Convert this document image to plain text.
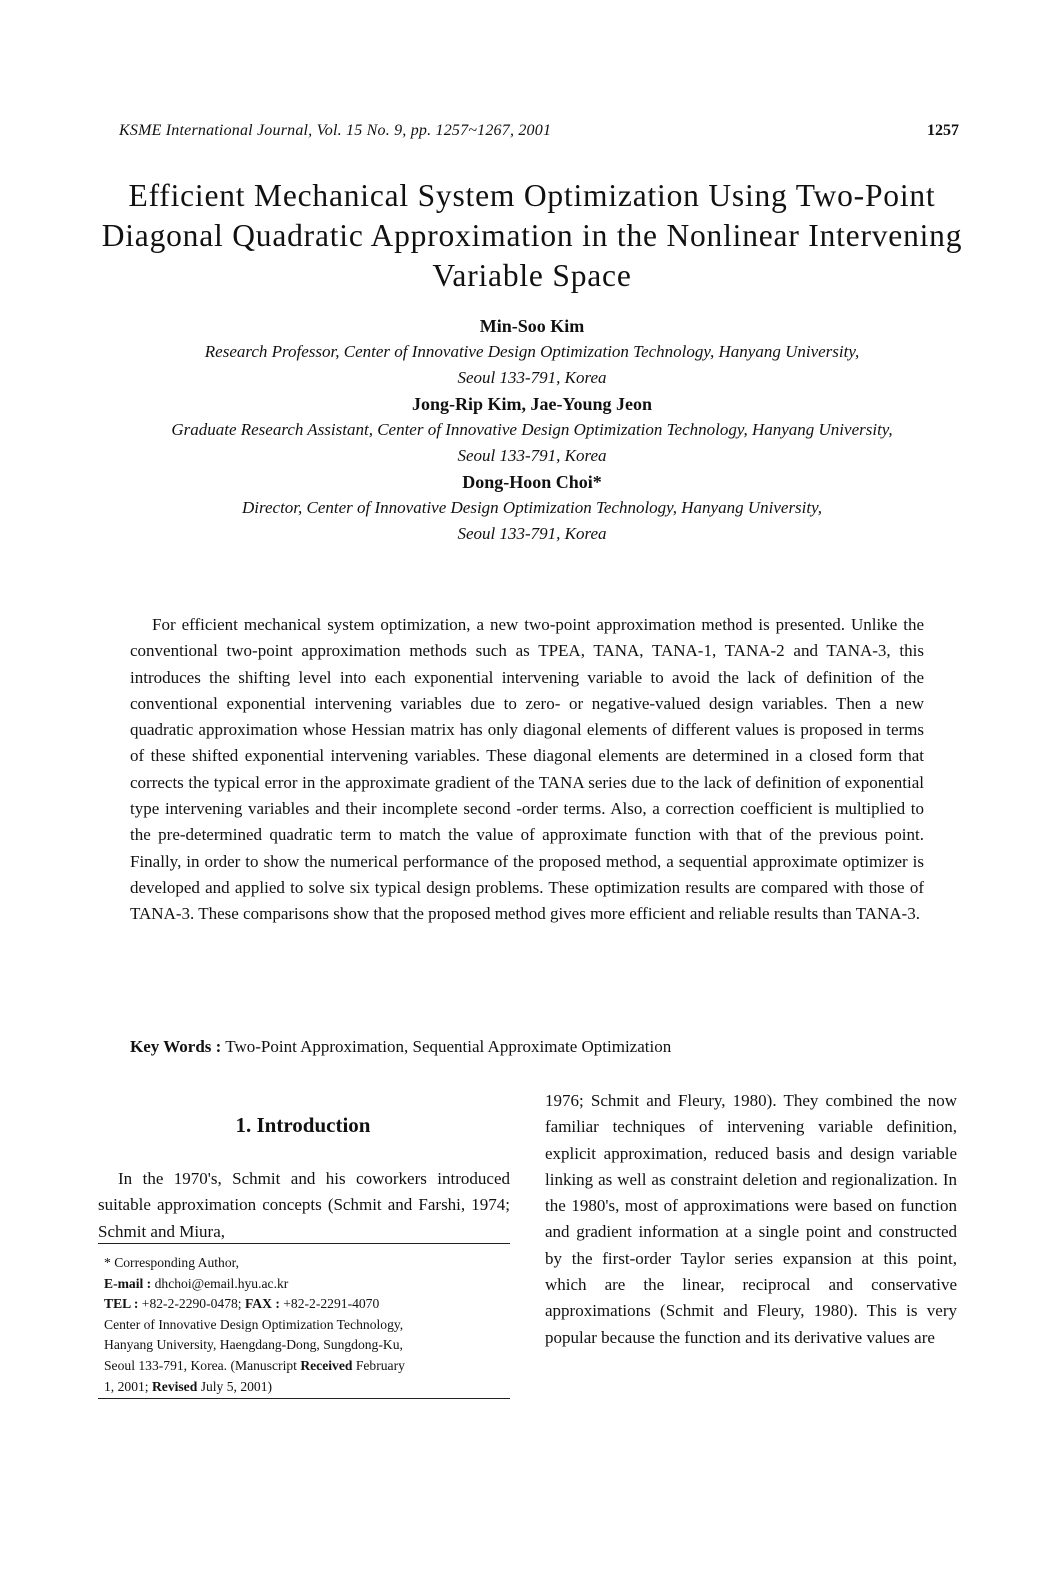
KSME International Journal, Vol. 15 No. 9, pp. 1257~1267, 2001	1257
Efficient Mechanical System Optimization Using Two-Point
Diagonal Quadratic Approximation in the Nonlinear Intervening
Variable Space
Min-Soo Kim
Research Professor, Center of Innovative Design Optimization Technology, Hanyang University,
Seoul 133-791, Korea
Jong-Rip Kim, Jae-Young Jeon
Graduate Research Assistant, Center of Innovative Design Optimization Technology, Hanyang University,
Seoul 133-791, Korea
Dong-Hoon Choi*
Director, Center of Innovative Design Optimization Technology, Hanyang University,
Seoul 133-791, Korea

For efficient mechanical system optimization, a new two-point approximation method is presented. Unlike the conventional two-point approximation methods such as TPEA, TANA, TANA-1, TANA-2 and TANA-3, this introduces the shifting level into each exponential intervening variable to avoid the lack of definition of the conventional exponential intervening variables due to zero- or negative-valued design variables. Then a new quadratic approximation whose Hessian matrix has only diagonal elements of different values is proposed in terms of these shifted exponential intervening variables. These diagonal elements are determined in a closed form that corrects the typical error in the approximate gradient of the TANA series due to the lack of definition of exponential type intervening variables and their incomplete second -order terms. Also, a correction coefficient is multiplied to the pre-determined quadratic term to match the value of approximate function with that of the previous point. Finally, in order to show the numerical performance of the proposed method, a sequential approximate optimizer is developed and applied to solve six typical design problems. These optimization results are compared with those of TANA-3. These comparisons show that the proposed method gives more efficient and reliable results than TANA-3.

Key Words : Two-Point Approximation, Sequential Approximate Optimization
1. Introduction

In the 1970's, Schmit and his coworkers introduced suitable approximation concepts (Schmit and Farshi, 1974; Schmit and Miura,

* Corresponding Author,
E-mail : dhchoi@email.hyu.ac.kr
TEL : +82-2-2290-0478; FAX : +82-2-2291-4070
Center of Innovative Design Optimization Technology,
Hanyang University, Haengdang-Dong, Sungdong-Ku,
Seoul 133-791, Korea. (Manuscript Received February
1, 2001; Revised July 5, 2001)

1976; Schmit and Fleury, 1980). They combined the now familiar techniques of intervening variable definition, explicit approximation, reduced basis and design variable linking as well as constraint deletion and regionalization. In the 1980's, most of approximations were based on function and gradient information at a single point and constructed by the first-order Taylor series expansion at this point, which are the linear, reciprocal and conservative approximations (Schmit and Fleury, 1980). This is very popular because the function and its derivative values are
